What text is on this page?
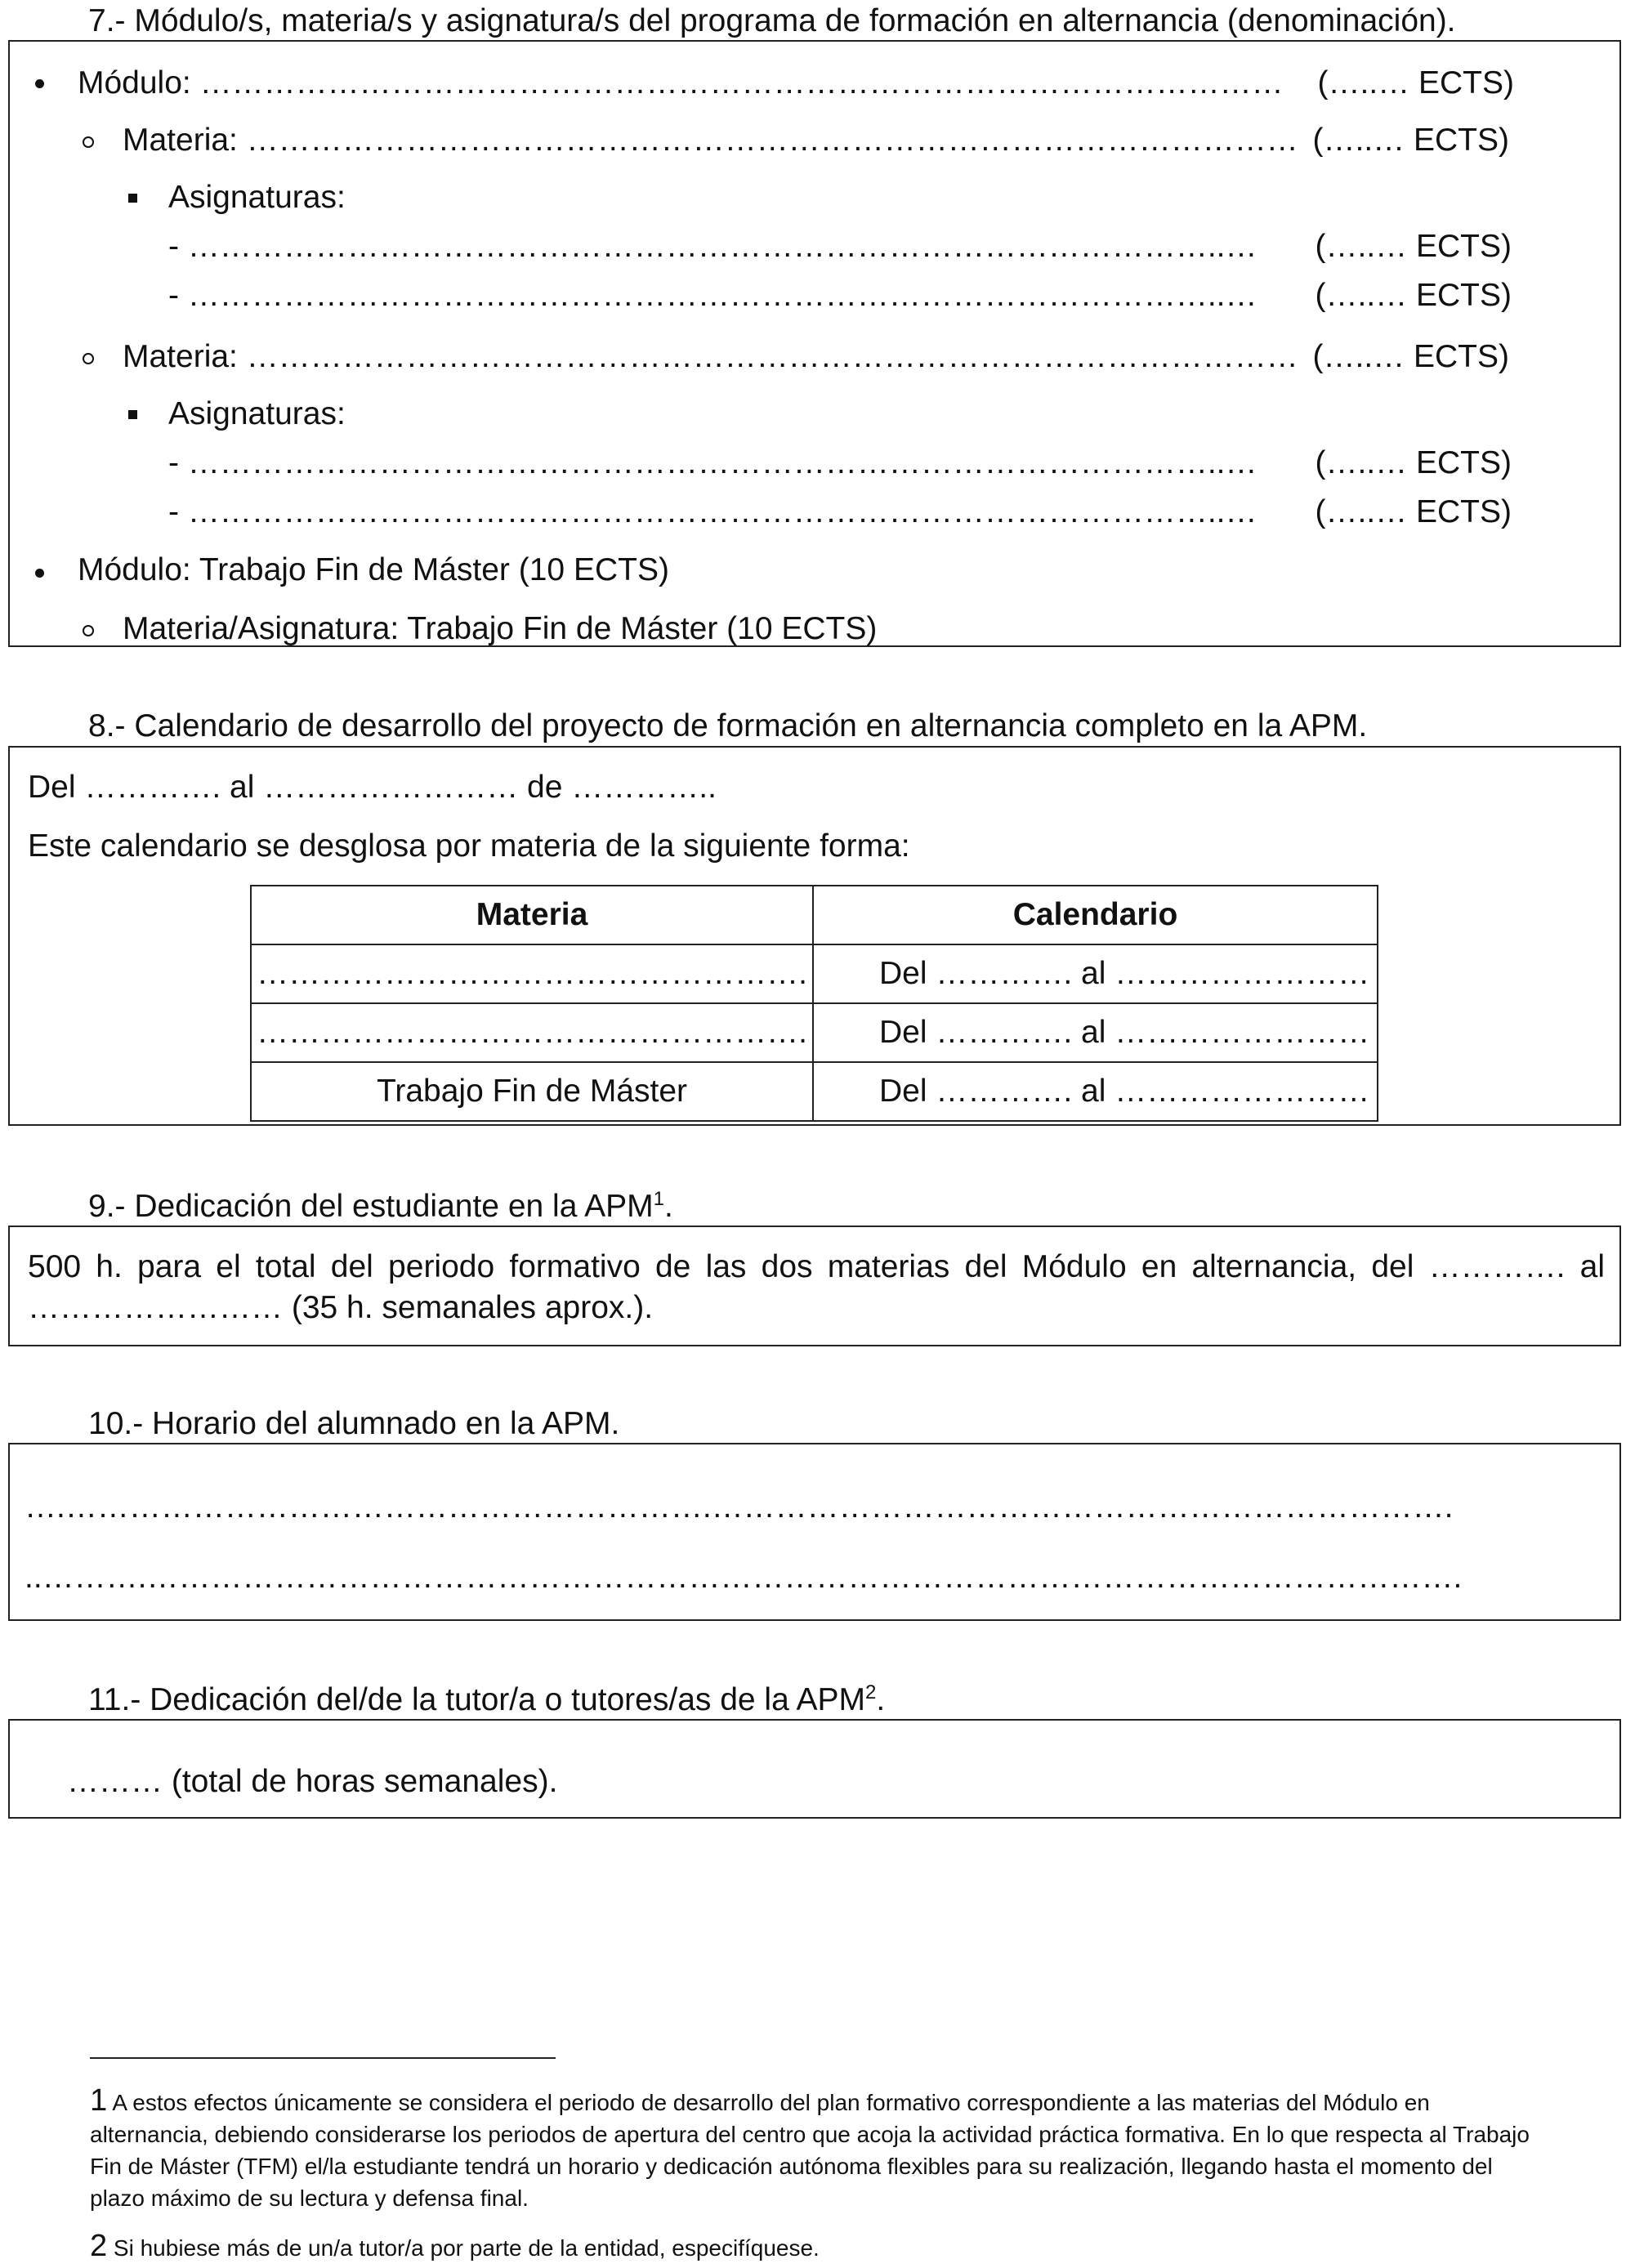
7.- Módulo/s, materia/s y asignatura/s del programa de formación en alternancia (denominación).
Módulo: ………………………………………………………………………………………… (…..… ECTS)
Materia: ……………………………………………………………………………………… (…..… ECTS)
Asignaturas:
- ……………………………………………………………………………………..… (…..… ECTS)
- ……………………………………………………………………………………..… (…..… ECTS)
Materia: ……………………………………………………………………………………… (…..… ECTS)
Asignaturas:
- ……………………………………………………………………………………..… (…..… ECTS)
- ……………………………………………………………………………………..… (…..… ECTS)
Módulo: Trabajo Fin de Máster (10 ECTS)
Materia/Asignatura: Trabajo Fin de Máster (10 ECTS)
8.- Calendario de desarrollo del proyecto de formación en alternancia completo en la APM.
Del …………. al …………………… de …………..
Este calendario se desglosa por materia de la siguiente forma:
Materia	Calendario
…………………………………………….	Del …………. al ……………………
…………………………………………….	Del …………. al ……………………
Trabajo Fin de Máster	Del …………. al ……………………
9.- Dedicación del estudiante en la APM$^1$.
500 h. para el total del periodo formativo de las dos materias del Módulo en alternancia, del …………. al
…………………… (35 h. semanales aprox.).
10.- Horario del alumnado en la APM.
….…………………………………………………….…………………………………………………………….
..……….…………………………………………………………………………………………………………….
11.- Dedicación del/de la tutor/a o tutores/as de la APM$^2$.
……… (total de horas semanales).
1 A estos efectos únicamente se considera el periodo de desarrollo del plan formativo correspondiente a las materias del Módulo en alternancia, debiendo considerarse los periodos de apertura del centro que acoja la actividad práctica formativa. En lo que respecta al Trabajo Fin de Máster (TFM) el/la estudiante tendrá un horario y dedicación autónoma flexibles para su realización, llegando hasta el momento del plazo máximo de su lectura y defensa final.
2 Si hubiese más de un/a tutor/a por parte de la entidad, especifíquese.
